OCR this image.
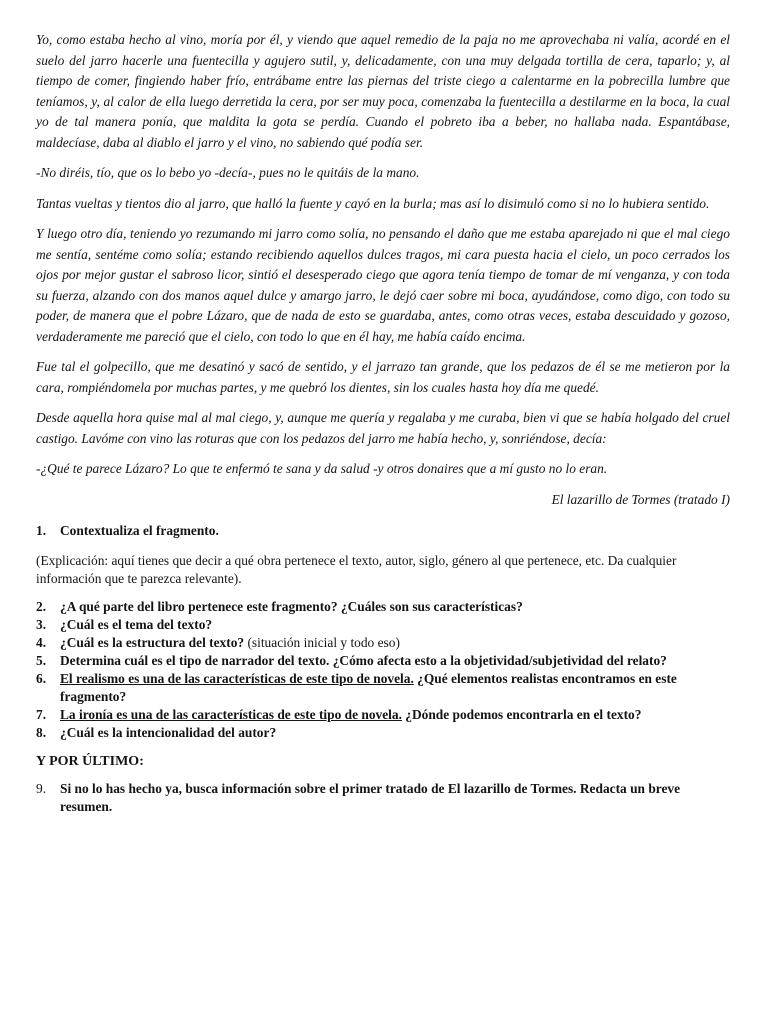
Yo, como estaba hecho al vino, moría por él, y viendo que aquel remedio de la paja no me aprovechaba ni valía, acordé en el suelo del jarro hacerle una fuentecilla y agujero sutil, y, delicadamente, con una muy delgada tortilla de cera, taparlo; y, al tiempo de comer, fingiendo haber frío, entrábame entre las piernas del triste ciego a calentarme en la pobrecilla lumbre que teníamos, y, al calor de ella luego derretida la cera, por ser muy poca, comenzaba la fuentecilla a destilarme en la boca, la cual yo de tal manera ponía, que maldita la gota se perdía. Cuando el pobreto iba a beber, no hallaba nada. Espantábase, maldecíase, daba al diablo el jarro y el vino, no sabiendo qué podía ser.

-No diréis, tío, que os lo bebo yo -decía-, pues no le quitáis de la mano.

Tantas vueltas y tientos dio al jarro, que halló la fuente y cayó en la burla; mas así lo disimuló como si no lo hubiera sentido.

Y luego otro día, teniendo yo rezumando mi jarro como solía, no pensando el daño que me estaba aparejado ni que el mal ciego me sentía, sentéme como solía; estando recibiendo aquellos dulces tragos, mi cara puesta hacia el cielo, un poco cerrados los ojos por mejor gustar el sabroso licor, sintió el desesperado ciego que agora tenía tiempo de tomar de mí venganza, y con toda su fuerza, alzando con dos manos aquel dulce y amargo jarro, le dejó caer sobre mi boca, ayudándose, como digo, con todo su poder, de manera que el pobre Lázaro, que de nada de esto se guardaba, antes, como otras veces, estaba descuidado y gozoso, verdaderamente me pareció que el cielo, con todo lo que en él hay, me había caído encima.

Fue tal el golpecillo, que me desatinó y sacó de sentido, y el jarrazo tan grande, que los pedazos de él se me metieron por la cara, rompiéndomela por muchas partes, y me quebró los dientes, sin los cuales hasta hoy día me quedé.

Desde aquella hora quise mal al mal ciego, y, aunque me quería y regalaba y me curaba, bien vi que se había holgado del cruel castigo. Lavóme con vino las roturas que con los pedazos del jarro me había hecho, y, sonriéndose, decía:

-¿Qué te parece Lázaro? Lo que te enfermó te sana y da salud -y otros donaires que a mí gusto no lo eran.

El lazarillo de Tormes (tratado I)
1.	Contextualiza el fragmento.

(Explicación: aquí tienes que decir a qué obra pertenece el texto, autor, siglo, género al que pertenece, etc. Da cualquier información que te parezca relevante).

2.	¿A qué parte del libro pertenece este fragmento? ¿Cuáles son sus características?
3.	¿Cuál es el tema del texto?
4.	¿Cuál es la estructura del texto? (situación inicial y todo eso)
5.	Determina cuál es el tipo de narrador del texto. ¿Cómo afecta esto a la objetividad/subjetividad del relato?
6.	El realismo es una de las características de este tipo de novela. ¿Qué elementos realistas encontramos en este fragmento?
7.	La ironía es una de las características de este tipo de novela. ¿Dónde podemos encontrarla en el texto?
8.	¿Cuál es la intencionalidad del autor?
Y POR ÚLTIMO:
9.	Si no lo has hecho ya, busca información sobre el primer tratado de El lazarillo de Tormes. Redacta un breve resumen.
